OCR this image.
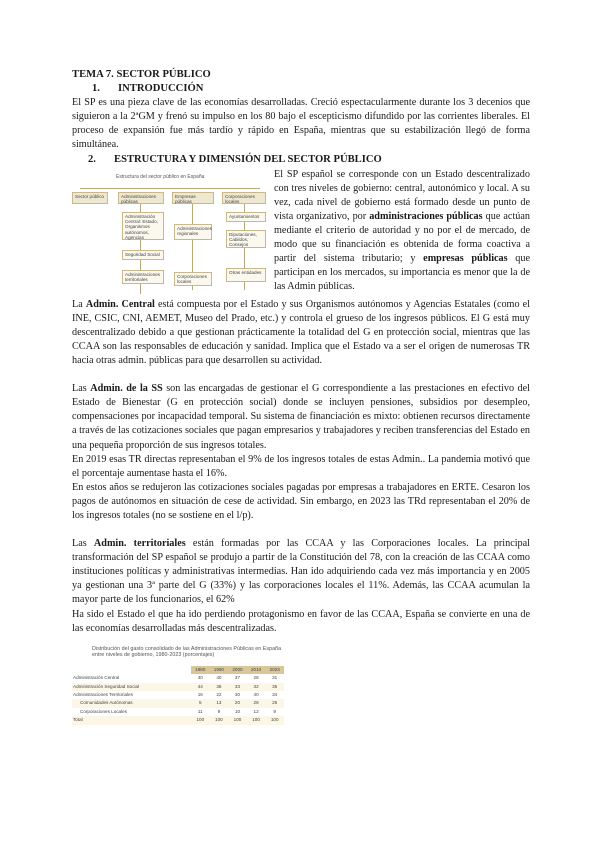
TEMA 7. SECTOR PÚBLICO

1. INTRODUCCIÓN

El SP es una pieza clave de las economías desarrolladas. Creció espectacularmente durante los 3 decenios que siguieron a la 2ªGM y frenó su impulso en los 80 bajo el escepticismo difundido por las corrientes liberales. El proceso de expansión fue más tardío y rápido en España, mientras que su estabilización llegó de forma simultánea.

2. ESTRUCTURA Y DIMENSIÓN DEL SECTOR PÚBLICO

Estructura del sector público en España
Sector público	Administraciones públicas
Empresas públicas
Corporaciones locales
Administración Central: Estado, Organismos autónomos, Agencias
Seguridad Social
Administraciones territoriales
Administraciones regionales
Corporaciones locales
Ayuntamientos
Diputaciones, Cabildos, Consejos
Otras entidades

El SP español se corresponde con un Estado descentralizado con tres niveles de gobierno: central, autonómico y local. A su vez, cada nivel de gobierno está formado desde un punto de vista organizativo, por administraciones públicas que actúan mediante el criterio de autoridad y no por el de mercado, de modo que su financiación es obtenida de forma coactiva a partir del sistema tributario; y empresas públicas que participan en los mercados, su importancia es menor que la de las Admin públicas.

La Admin. Central está compuesta por el Estado y sus Organismos autónomos y Agencias Estatales (como el INE, CSIC, CNI, AEMET, Museo del Prado, etc.) y controla el grueso de los ingresos públicos. El G está muy descentralizado debido a que gestionan prácticamente la totalidad del G en protección social, mientras que las CCAA son las responsables de educación y sanidad. Implica que el Estado va a ser el origen de numerosas TR hacia otras admin. públicas para que desarrollen su actividad.

Las Admin. de la SS son las encargadas de gestionar el G correspondiente a las prestaciones en efectivo del Estado de Bienestar (G en protección social) donde se incluyen pensiones, subsidios por desempleo, compensaciones por incapacidad temporal. Su sistema de financiación es mixto: obtienen recursos directamente a través de las cotizaciones sociales que pagan empresarios y trabajadores y reciben transferencias del Estado en una pequeña proporción de sus ingresos totales.

En 2019 esas TR directas representaban el 9% de los ingresos totales de estas Admin.. La pandemia motivó que el porcentaje aumentase hasta el 16%.

En estos años se redujeron las cotizaciones sociales pagadas por empresas a trabajadores en ERTE. Cesaron los pagos de autónomos en situación de cese de actividad. Sin embargo, en 2023 las TRd representaban el 20% de los ingresos totales (no se sostiene en el l/p).

Las Admin. territoriales están formadas por las CCAA y las Corporaciones locales. La principal transformación del SP español se produjo a partir de la Constitución del 78, con la creación de las CCAA como instituciones políticas y administrativas intermedias. Han ido adquiriendo cada vez más importancia y en 2005 ya gestionan una 3ª parte del G (33%) y las corporaciones locales el 11%. Además, las CCAA acumulan la mayor parte de los funcionarios, el 62%

Ha sido el Estado el que ha ido perdiendo protagonismo en favor de las CCAA, España se convierte en una de las economías desarrolladas más descentralizadas.

Distribución del gasto consolidado de las Administraciones Públicas en España entre niveles de gobierno, 1980-2023 (porcentajes)
	1980	1990	2000	2010	2023
Administración Central	40	40	37	28	31
Administración Seguridad Social	44	38	33	32	35
Administraciones Territoriales	16	22	30	40	34
Comunidades Autónomas	5	13	20	28	25
Corporaciones Locales	11	9	10	12	9
Total	100	100	100	100	100
